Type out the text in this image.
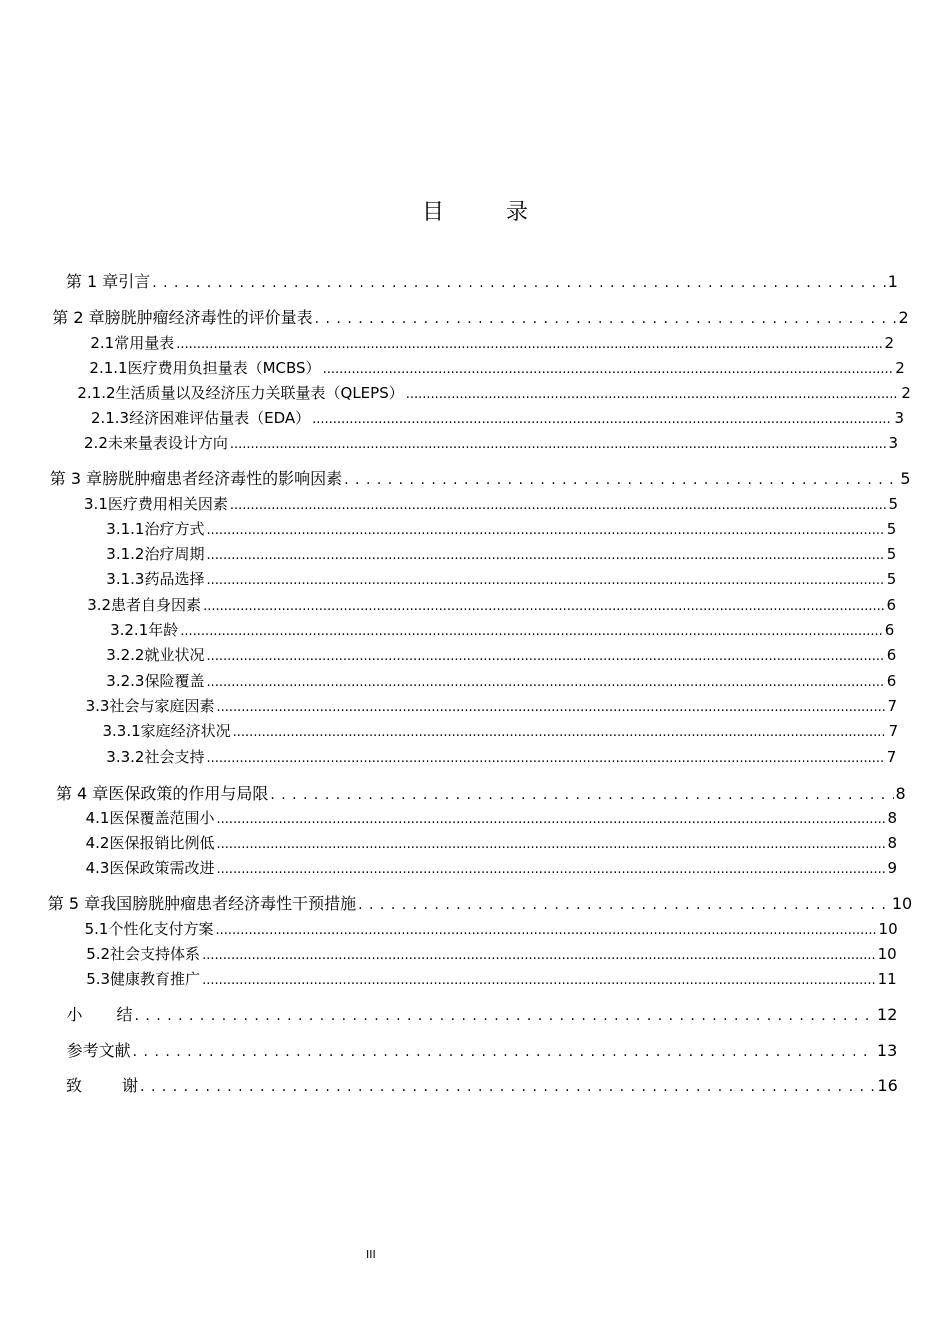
目　录
第 1 章 引言 . . .	1
第 2 章 膀胱肿瘤经济毒性的评价量表 . . .	2
2.1 常用量表 .....	2
2.1.1 医疗费用负担量表（MCBS） .....	2
2.1.2 生活质量以及经济压力关联量表（QLEPS） .....	2
2.1.3 经济困难评估量表（EDA） .....	3
2.2 未来量表设计方向 .....	3
第 3 章 膀胱肿瘤患者经济毒性的影响因素 . . .	5
3.1 医疗费用相关因素 .....	5
3.1.1 治疗方式 .....	5
3.1.2 治疗周期 .....	5
3.1.3 药品选择 .....	5
3.2 患者自身因素 .....	6
3.2.1 年龄 .....	6
3.2.2 就业状况 .....	6
3.2.3 保险覆盖 .....	6
3.3 社会与家庭因素 .....	7
3.3.1 家庭经济状况 .....	7
3.3.2 社会支持 .....	7
第 4 章 医保政策的作用与局限 . . .	8
4.1 医保覆盖范围小 .....	8
4.2 医保报销比例低 .....	8
4.3 医保政策需改进 .....	9
第 5 章 我国膀胱肿瘤患者经济毒性干预措施 . . .	10
5.1 个性化支付方案 .....	10
5.2 社会支持体系 .....	10
5.3 健康教育推广 .....	11
小结 . . .	12
参考文献 . . .	13
致谢 . . .	16
III
